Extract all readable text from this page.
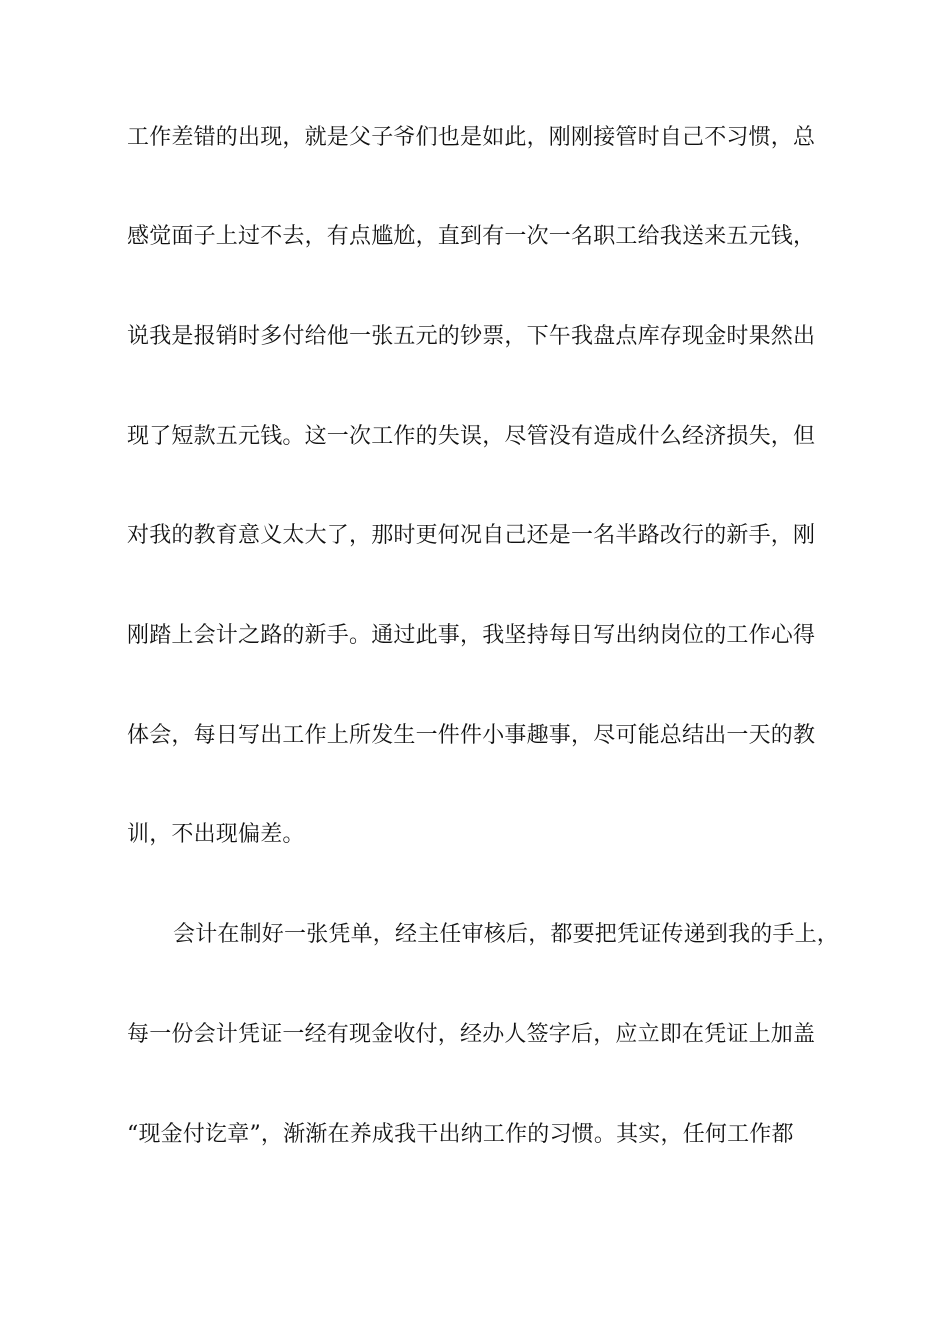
工作差错的出现，就是父子爷们也是如此，刚刚接管时自己不习惯，总
感觉面子上过不去，有点尴尬，直到有一次一名职工给我送来五元钱，
说我是报销时多付给他一张五元的钞票，下午我盘点库存现金时果然出
现了短款五元钱。这一次工作的失误，尽管没有造成什么经济损失，但
对我的教育意义太大了，那时更何况自己还是一名半路改行的新手，刚
刚踏上会计之路的新手。通过此事，我坚持每日写出纳岗位的工作心得
体会，每日写出工作上所发生一件件小事趣事，尽可能总结出一天的教
训，不出现偏差。
会计在制好一张凭单，经主任审核后，都要把凭证传递到我的手上，
每一份会计凭证一经有现金收付，经办人签字后，应立即在凭证上加盖
“现金付讫章”，渐渐在养成我干出纳工作的习惯。其实，任何工作都
